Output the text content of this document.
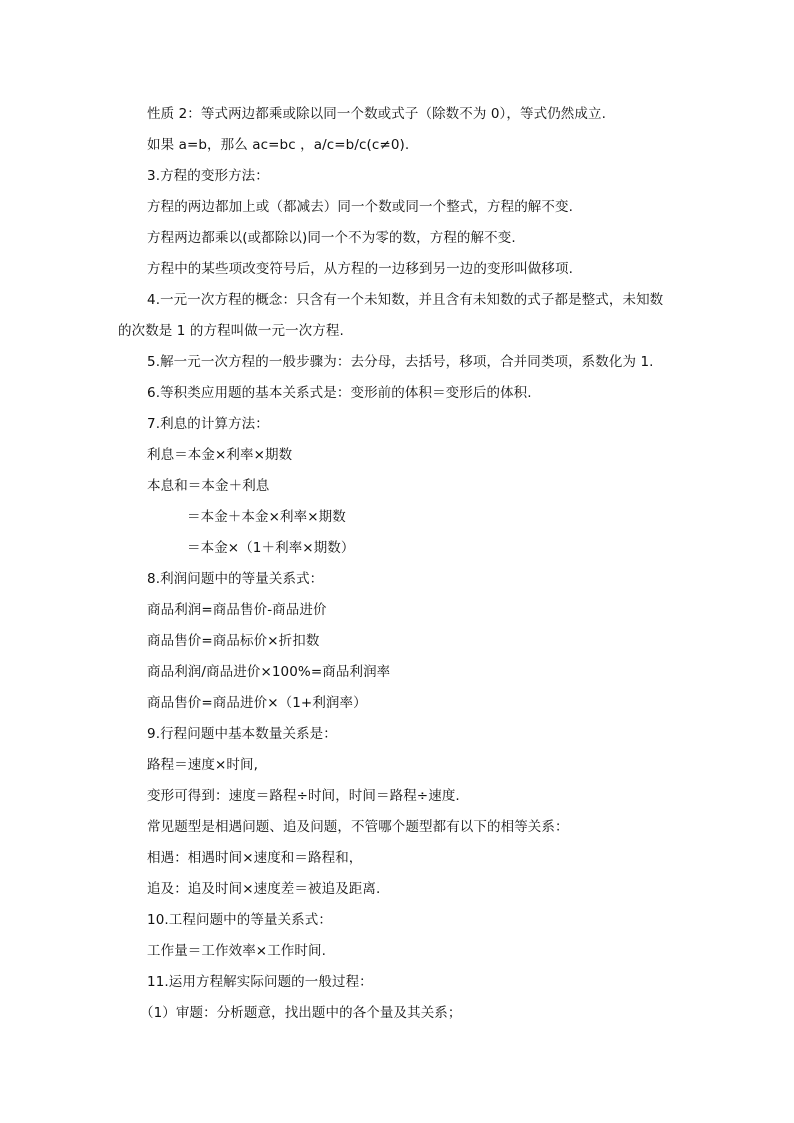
性质 2：等式两边都乘或除以同一个数或式子（除数不为 0），等式仍然成立.
如果 a=b，那么 ac=bc ，a/c=b/c(c≠0).
3.方程的变形方法：
方程的两边都加上或（都减去）同一个数或同一个整式，方程的解不变.
方程两边都乘以(或都除以)同一个不为零的数，方程的解不变.
方程中的某些项改变符号后，从方程的一边移到另一边的变形叫做移项.
4.一元一次方程的概念：只含有一个未知数，并且含有未知数的式子都是整式，未知数
的次数是 1 的方程叫做一元一次方程.
5.解一元一次方程的一般步骤为：去分母，去括号，移项，合并同类项，系数化为 1.
6.等积类应用题的基本关系式是：变形前的体积＝变形后的体积.
7.利息的计算方法：
利息＝本金×利率×期数
本息和＝本金＋利息
＝本金＋本金×利率×期数
＝本金×（1＋利率×期数）
8.利润问题中的等量关系式：
商品利润=商品售价-商品进价
商品售价=商品标价×折扣数
商品利润/商品进价×100%=商品利润率
商品售价=商品进价×（1+利润率）
9.行程问题中基本数量关系是：
路程＝速度×时间,
变形可得到：速度＝路程÷时间，时间＝路程÷速度.
常见题型是相遇问题、追及问题，不管哪个题型都有以下的相等关系：
相遇：相遇时间×速度和＝路程和，
追及：追及时间×速度差＝被追及距离.
10.工程问题中的等量关系式：
工作量＝工作效率×工作时间.
11.运用方程解实际问题的一般过程：
（1）审题：分析题意，找出题中的各个量及其关系；
